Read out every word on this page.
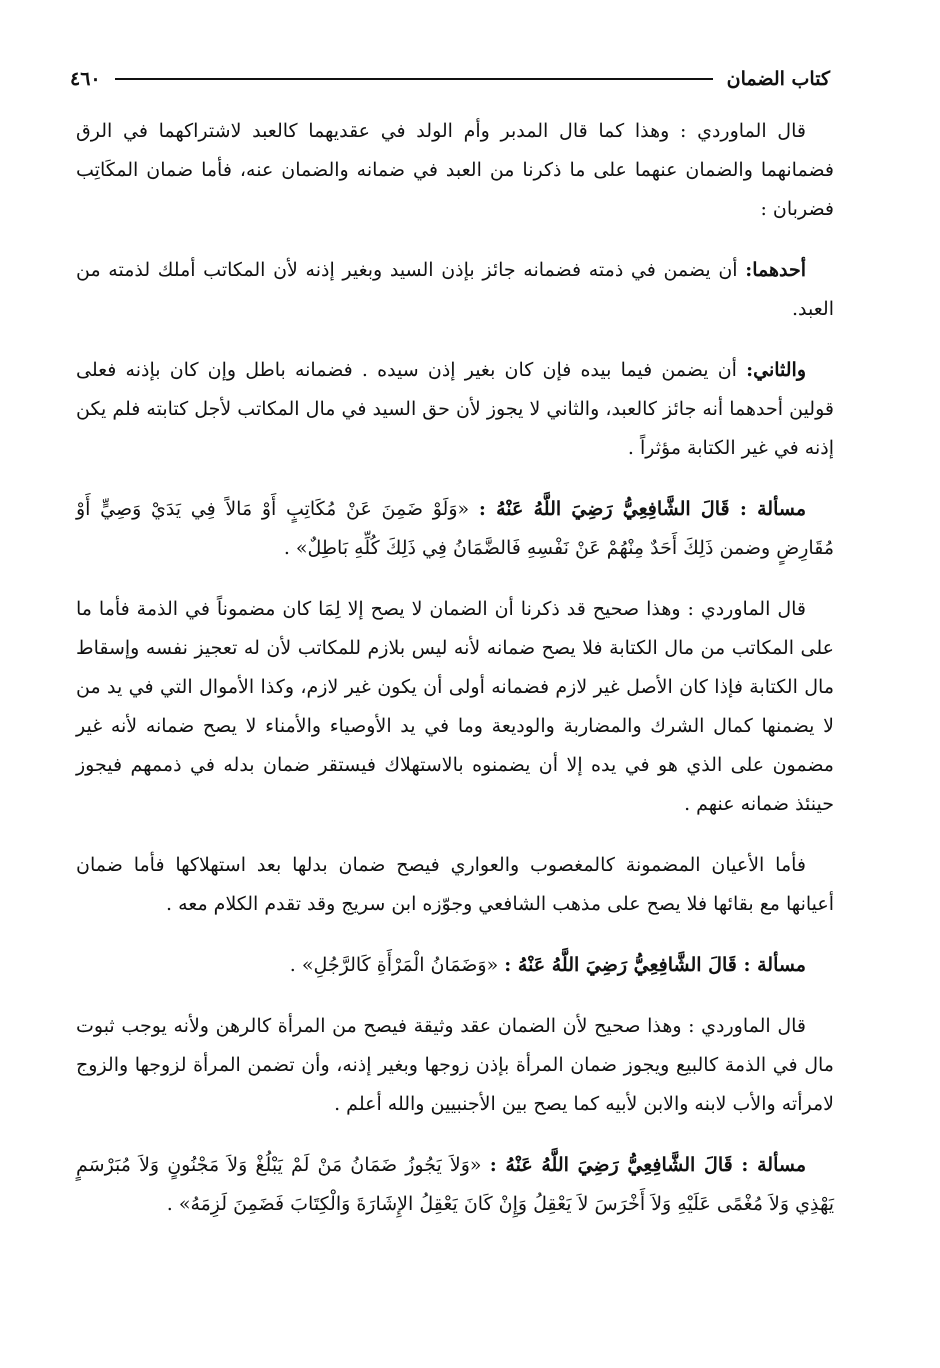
كتاب الضمان
٤٦٠

قال الماوردي : وهذا كما قال المدبر وأم الولد في عقديهما كالعبد لاشتراكهما في الرق فضمانهما والضمان عنهما على ما ذكرنا من العبد في ضمانه والضمان عنه، فأما ضمان المكَاتِب فضربان :

أحدهما: أن يضمن في ذمته فضمانه جائز بإذن السيد وبغير إذنه لأن المكاتب أملك لذمته من العبد.

والثاني: أن يضمن فيما بيده فإن كان بغير إذن سيده . فضمانه باطل وإن كان بإذنه فعلى قولين أحدهما أنه جائز كالعبد، والثاني لا يجوز لأن حق السيد في مال المكاتب لأجل كتابته فلم يكن إذنه في غير الكتابة مؤثراً .

مسألة : قَالَ الشَّافِعِيُّ رَضِيَ اللَّهُ عَنْهُ : «وَلَوْ ضَمِنَ عَنْ مُكَاتِبٍ أَوْ مَالاً فِي يَدَيْ وَصِيٍّ أَوْ مُقَارِضٍ وضمن ذَلِكَ أَحَدٌ مِنْهُمْ عَنْ نَفْسِهِ فَالضَّمَانُ فِي ذَلِكَ كُلِّهِ بَاطِلٌ» .

قال الماوردي : وهذا صحيح قد ذكرنا أن الضمان لا يصح إلا لِمَا كان مضموناً في الذمة فأما ما على المكاتب من مال الكتابة فلا يصح ضمانه لأنه ليس بلازم للمكاتب لأن له تعجيز نفسه وإسقاط مال الكتابة فإذا كان الأصل غير لازم فضمانه أولى أن يكون غير لازم، وكذا الأموال التي في يد من لا يضمنها كمال الشرك والمضاربة والوديعة وما في يد الأوصياء والأمناء لا يصح ضمانه لأنه غير مضمون على الذي هو في يده إلا أن يضمنوه بالاستهلاك فيستقر ضمان بدله في ذممهم فيجوز حينئذ ضمانه عنهم .

فأما الأعيان المضمونة كالمغصوب والعواري فيصح ضمان بدلها بعد استهلاكها فأما ضمان أعيانها مع بقائها فلا يصح على مذهب الشافعي وجوّزه ابن سريج وقد تقدم الكلام معه .

مسألة : قَالَ الشَّافِعِيُّ رَضِيَ اللَّهُ عَنْهُ : «وَضَمَانُ الْمَرْأَةِ كَالرَّجُلِ» .

قال الماوردي : وهذا صحيح لأن الضمان عقد وثيقة فيصح من المرأة كالرهن ولأنه يوجب ثبوت مال في الذمة كالبيع ويجوز ضمان المرأة بإذن زوجها وبغير إذنه، وأن تضمن المرأة لزوجها والزوج لامرأته والأب لابنه والابن لأبيه كما يصح بين الأجنبيين والله أعلم .

مسألة : قَالَ الشَّافِعِيُّ رَضِيَ اللَّهُ عَنْهُ : «وَلاَ يَجُوزُ ضَمَانُ مَنْ لَمْ يَبْلُغْ وَلاَ مَجْنُونٍ وَلاَ مُبَرْسَمٍ يَهْذِي وَلاَ مُغْمًى عَلَيْهِ وَلاَ أَخْرَسَ لاَ يَعْقِلُ وَإِنْ كَانَ يَعْقِلُ الإِشَارَةَ وَالْكِتَابَ فَضَمِنَ لَزِمَهُ» .
